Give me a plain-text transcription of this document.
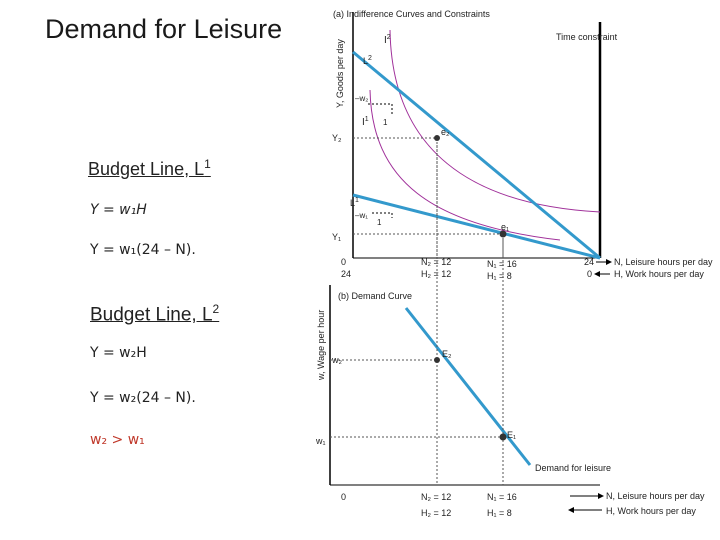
Demand for Leisure
Budget Line, $L^1$
Y = w₁H
Y = w₁(24 – N).
Budget Line, $L^2$
Y = w₂H
Y = w₂(24 – N).
w₂ > w₁
(a) Indifference Curves and Constraints
Y, Goods per day
Time constraint
$I^2$
$I^1$
$L^2$
$L^1$
–w₂
1
–w₁
1
e₂
e₁
Y₂
Y₁
0
24
N₂ = 12
H₂ = 12
N₁ = 16
H₁ = 8
24
0
N, Leisure hours per day
H, Work hours per day
(b) Demand Curve
w, Wage per hour
Demand for leisure
E₂
E₁
w₂
w₁
0	N₂ = 12
H₂ = 12
N₁ = 16
H₁ = 8
N, Leisure hours per day
H, Work hours per day
